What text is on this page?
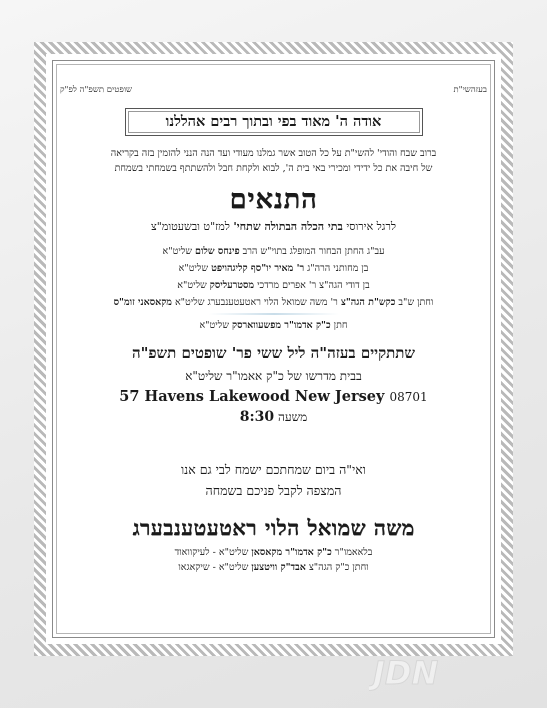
בעזהשי"ת
שופטים תשפ"ה לפ"ק
אודה ה' מאוד בפי ובתוך רבים אהללנו
ברוב שבח והודי' להשי"ת על כל הטוב אשר גמלנו מעודי ועד הנה הנני להזמין בזה בקריאה
של חיבה את כל ידידי ומכירי באי בית ה', לבוא ולקחת חבל ולהשתתף בשמחתי בשמחת
התנאים
לרגל אירוסי בתי הכלה הבתולה שתחי' למז"ט ובשעטומ"צ
עב"ג החתן הבחור המופלג בתוי"ש הרב פינחס שלום שליט"א
בן מחותני הרה"ג ר' מאיר יו"סף קליגהויפט שליט"א
בן דודי הגה"צ ר' אפרים מרדכי מסטרעליסק שליט"א
וחתן ש"ב כקש"ת הגה"צ ר' משה שמואל הלוי ראטעטענבערג שליט"א מקאסאני זומ"ס
חתן כ"ק אדמו"ר מפשעווארסק שליט"א
שתתקיים בעזה"ה ליל ששי פר' שופטים תשפ"ה
בבית מדרשו של כ"ק אאמו"ר שליט"א
57 Havens Lakewood New Jersey 08701
משעה 8:30
ואי"ה ביום שמחתכם ישמח לבי גם אנו
המצפה לקבל פניכם בשמחה
משה שמואל הלוי ראטעטענבערג
בלאאמו"ר כ"ק אדמו"ר מקאסאן שליט"א - לעיקוואוד
וחתן כ"ק הגה"צ אבד"ק וויטצען שליט"א - שיקאגאו
JDN
